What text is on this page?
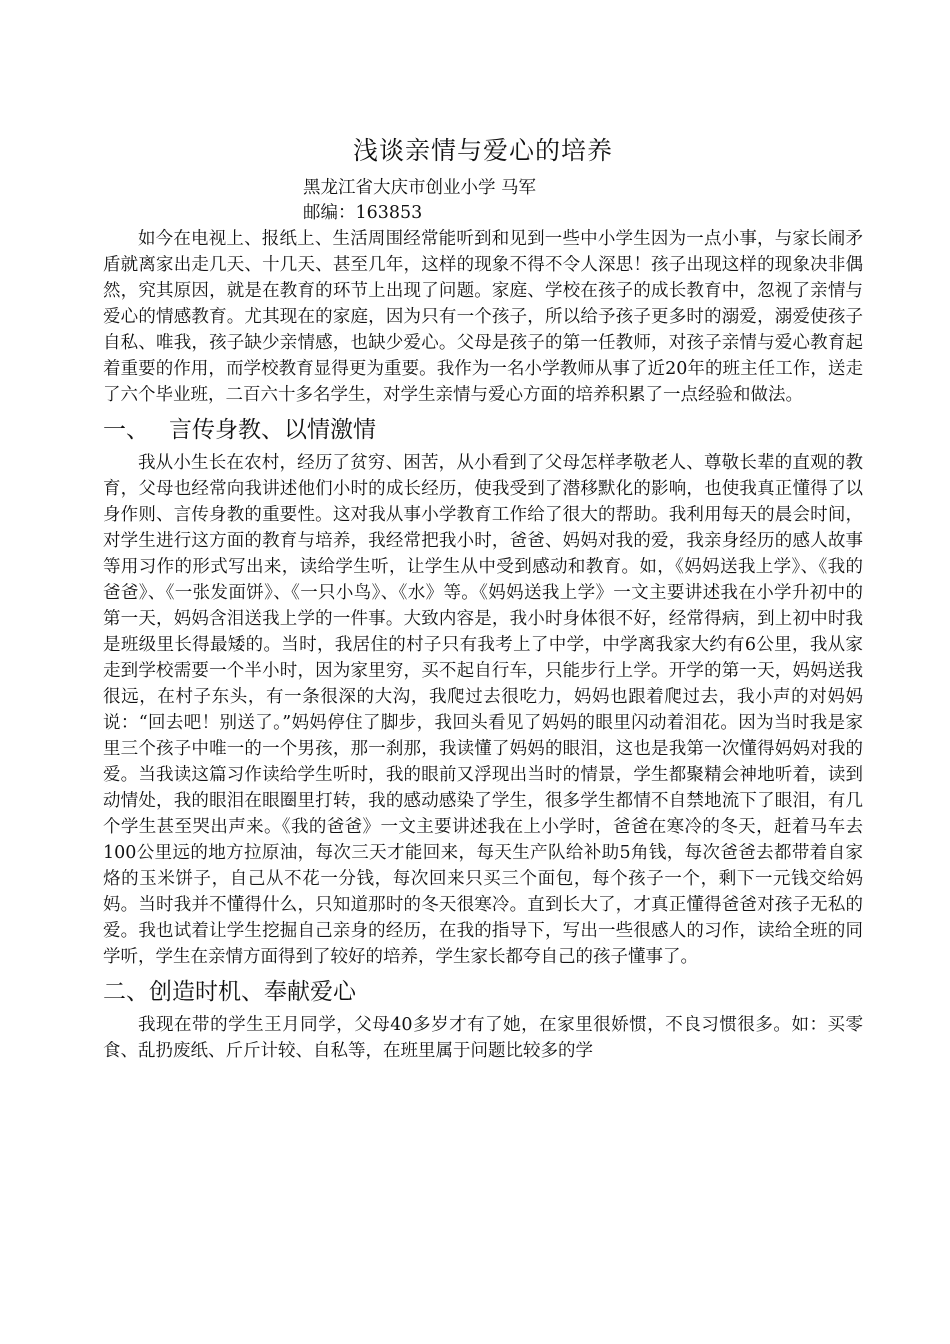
浅谈亲情与爱心的培养
黑龙江省大庆市创业小学 马军
邮编：163853

如今在电视上、报纸上、生活周围经常能听到和见到一些中小学生因为一点小事，与家长闹矛盾就离家出走几天、十几天、甚至几年，这样的现象不得不令人深思！孩子出现这样的现象决非偶然，究其原因，就是在教育的环节上出现了问题。家庭、学校在孩子的成长教育中，忽视了亲情与爱心的情感教育。尤其现在的家庭，因为只有一个孩子，所以给予孩子更多时的溺爱，溺爱使孩子自私、唯我，孩子缺少亲情感，也缺少爱心。父母是孩子的第一任教师，对孩子亲情与爱心教育起着重要的作用，而学校教育显得更为重要。我作为一名小学教师从事了近20年的班主任工作，送走了六个毕业班，二百六十多名学生，对学生亲情与爱心方面的培养积累了一点经验和做法。

一、 言传身教、以情激情

我从小生长在农村，经历了贫穷、困苦，从小看到了父母怎样孝敬老人、尊敬长辈的直观的教育，父母也经常向我讲述他们小时的成长经历，使我受到了潜移默化的影响，也使我真正懂得了以身作则、言传身教的重要性。这对我从事小学教育工作给了很大的帮助。我利用每天的晨会时间，对学生进行这方面的教育与培养，我经常把我小时，爸爸、妈妈对我的爱，我亲身经历的感人故事等用习作的形式写出来，读给学生听，让学生从中受到感动和教育。如，《妈妈送我上学》、《我的爸爸》、《一张发面饼》、《一只小鸟》、《水》等。《妈妈送我上学》一文主要讲述我在小学升初中的第一天，妈妈含泪送我上学的一件事。大致内容是，我小时身体很不好，经常得病，到上初中时我是班级里长得最矮的。当时，我居住的村子只有我考上了中学，中学离我家大约有6公里，我从家走到学校需要一个半小时，因为家里穷，买不起自行车，只能步行上学。开学的第一天，妈妈送我很远，在村子东头，有一条很深的大沟，我爬过去很吃力，妈妈也跟着爬过去，我小声的对妈妈说：“回去吧！别送了。”妈妈停住了脚步，我回头看见了妈妈的眼里闪动着泪花。因为当时我是家里三个孩子中唯一的一个男孩，那一刹那，我读懂了妈妈的眼泪，这也是我第一次懂得妈妈对我的爱。当我读这篇习作读给学生听时，我的眼前又浮现出当时的情景，学生都聚精会神地听着，读到动情处，我的眼泪在眼圈里打转，我的感动感染了学生，很多学生都情不自禁地流下了眼泪，有几个学生甚至哭出声来。《我的爸爸》一文主要讲述我在上小学时，爸爸在寒冷的冬天，赶着马车去100公里远的地方拉原油，每次三天才能回来，每天生产队给补助5角钱，每次爸爸去都带着自家烙的玉米饼子，自己从不花一分钱，每次回来只买三个面包，每个孩子一个，剩下一元钱交给妈妈。当时我并不懂得什么，只知道那时的冬天很寒冷。直到长大了，才真正懂得爸爸对孩子无私的爱。我也试着让学生挖掘自己亲身的经历，在我的指导下，写出一些很感人的习作，读给全班的同学听，学生在亲情方面得到了较好的培养，学生家长都夸自己的孩子懂事了。

二、创造时机、奉献爱心

我现在带的学生王月同学，父母40多岁才有了她，在家里很娇惯，不良习惯很多。如：买零食、乱扔废纸、斤斤计较、自私等，在班里属于问题比较多的学
